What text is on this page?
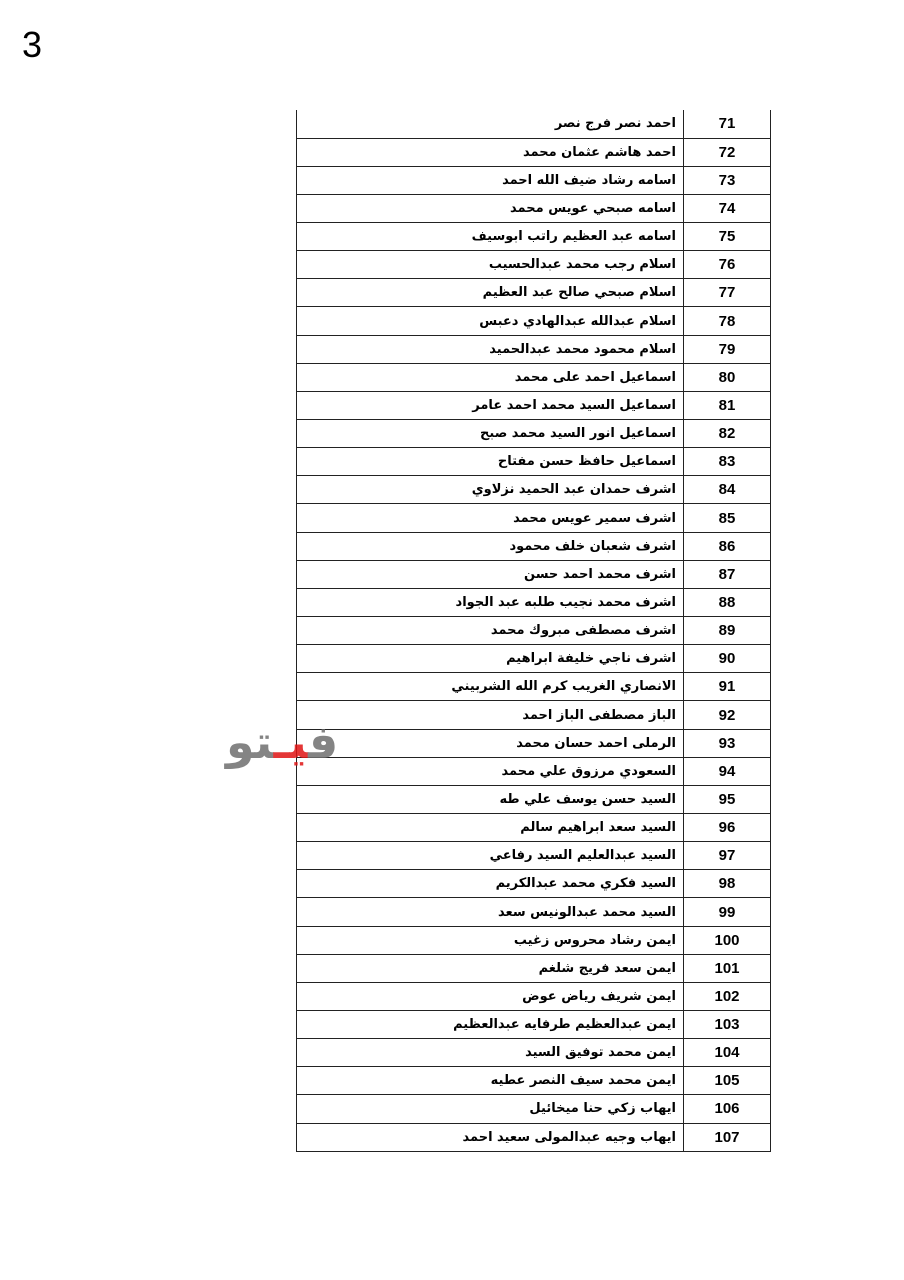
3
71	احمد نصر فرج نصر
72	احمد هاشم عثمان محمد
73	اسامه رشاد ضيف الله احمد
74	اسامه صبحي عويس محمد
75	اسامه عبد العظيم راتب ابوسيف
76	اسلام رجب محمد عبدالحسيب
77	اسلام صبحي صالح عبد العظيم
78	اسلام عبدالله عبدالهادي دعبس
79	اسلام محمود محمد عبدالحميد
80	اسماعيل احمد على محمد
81	اسماعيل السيد محمد احمد عامر
82	اسماعيل انور السيد محمد صبح
83	اسماعيل حافظ حسن مفتاح
84	اشرف حمدان عبد الحميد نزلاوي
85	اشرف سمير عويس محمد
86	اشرف شعبان خلف محمود
87	اشرف محمد احمد حسن
88	اشرف محمد نجيب طلبه عبد الجواد
89	اشرف مصطفى مبروك محمد
90	اشرف ناجي خليفة ابراهيم
91	الانصاري الغريب كرم الله الشربيني
92	الباز مصطفى الباز احمد
93	الرملى احمد حسان محمد
94	السعودي مرزوق علي محمد
95	السيد حسن يوسف علي طه
96	السيد سعد ابراهيم سالم
97	السيد عبدالعليم السيد رفاعي
98	السيد فكري محمد عبدالكريم
99	السيد محمد عبدالونيس سعد
100	ايمن رشاد محروس زغيب
101	ايمن سعد فريج شلغم
102	ايمن شريف رياض عوض
103	ايمن عبدالعظيم طرفايه عبدالعظيم
104	ايمن محمد توفيق السيد
105	ايمن محمد سيف النصر عطيه
106	ايهاب زكي حنا ميخائيل
107	ايهاب وجيه عبدالمولى سعيد احمد
فيـتو
